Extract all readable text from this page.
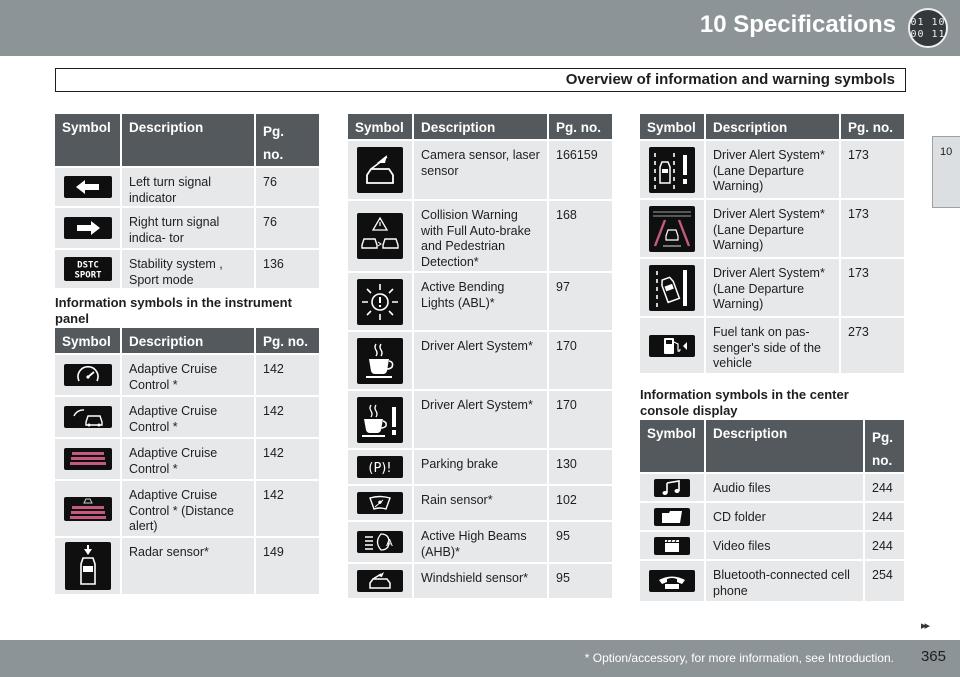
10 Specifications 01 10
00 11
Overview of information and warning symbols
10
Symbol	Description	Pg.
no.

	Left turn signal indicator	76

	Right turn signal indica- tor	76

DSTC
SPORT	Stability system , Sport mode	136
Information symbols in the instrument panel
Symbol	Description	Pg. no.

	Adaptive Cruise Control *	142

	Adaptive Cruise Control *	142

	Adaptive Cruise Control *	142

	Adaptive Cruise Control * (Distance alert)	142

	Radar sensor*	149
Symbol	Description	Pg. no.

	Camera sensor, laser sensor	166159

	Collision Warning with Full Auto-brake and Pedestrian Detection*	168

	Active Bending Lights (ABL)*	97

	Driver Alert System*	170

	Driver Alert System*	170

(P)!	Parking brake	130

	Rain sensor*	102

A	Active High Beams (AHB)*	95

	Windshield sensor*	95
Symbol	Description	Pg. no.

	Driver Alert System* (Lane Departure Warning)	173

	Driver Alert System* (Lane Departure Warning)	173

	Driver Alert System* (Lane Departure Warning)	173

	Fuel tank on pas- senger's side of the vehicle	273
Information symbols in the center console display
Symbol	Description	Pg.
no.

	Audio files	244

	CD folder	244

	Video files	244

	Bluetooth-connected cell phone	254
▸▸
* Option/accessory, for more information, see Introduction. 365
